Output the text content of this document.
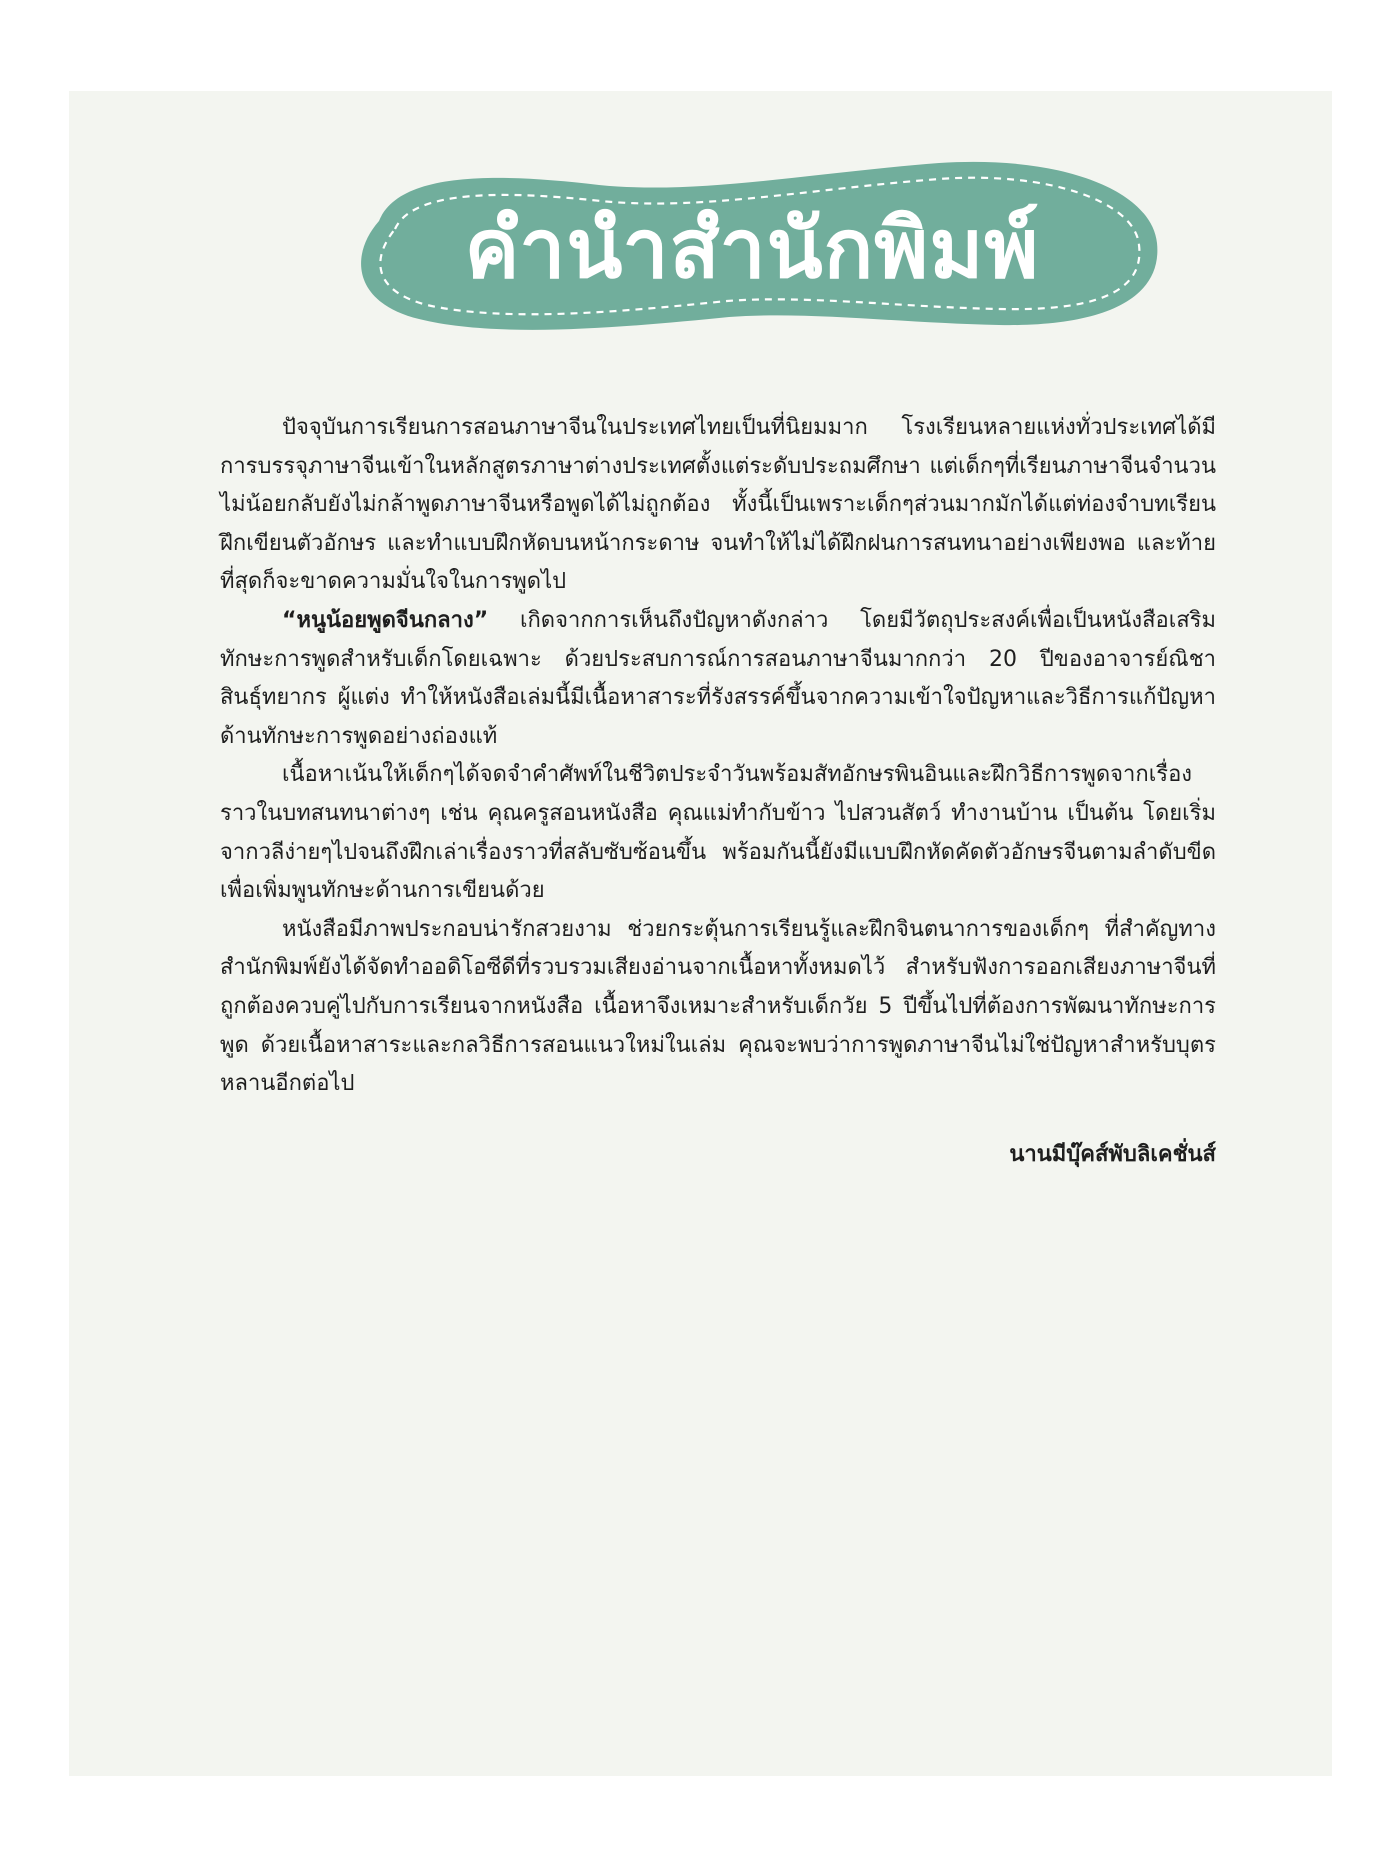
คำนำสำนักพิมพ์

ปัจจุบันการเรียนการสอนภาษาจีนในประเทศไทยเป็นที่นิยมมาก โรงเรียนหลายแห่งทั่วประเทศได้มีการบรรจุภาษาจีนเข้าในหลักสูตรภาษาต่างประเทศตั้งแต่ระดับประถมศึกษา แต่เด็กๆที่เรียนภาษาจีนจำนวนไม่น้อยกลับยังไม่กล้าพูดภาษาจีนหรือพูดได้ไม่ถูกต้อง ทั้งนี้เป็นเพราะเด็กๆส่วนมากมักได้แต่ท่องจำบทเรียน ฝึกเขียนตัวอักษร และทำแบบฝึกหัดบนหน้ากระดาษ จนทำให้ไม่ได้ฝึกฝนการสนทนาอย่างเพียงพอ และท้ายที่สุดก็จะขาดความมั่นใจในการพูดไป

“หนูน้อยพูดจีนกลาง” เกิดจากการเห็นถึงปัญหาดังกล่าว โดยมีวัตถุประสงค์เพื่อเป็นหนังสือเสริมทักษะการพูดสำหรับเด็กโดยเฉพาะ ด้วยประสบการณ์การสอนภาษาจีนมากกว่า 20 ปีของอาจารย์ณิชา สินธุ์ทยากร ผู้แต่ง ทำให้หนังสือเล่มนี้มีเนื้อหาสาระที่รังสรรค์ขึ้นจากความเข้าใจปัญหาและวิธีการแก้ปัญหาด้านทักษะการพูดอย่างถ่องแท้

เนื้อหาเน้นให้เด็กๆได้จดจำคำศัพท์ในชีวิตประจำวันพร้อมสัทอักษรพินอินและฝึกวิธีการพูดจากเรื่องราวในบทสนทนาต่างๆ เช่น คุณครูสอนหนังสือ คุณแม่ทำกับข้าว ไปสวนสัตว์ ทำงานบ้าน เป็นต้น โดยเริ่มจากวลีง่ายๆไปจนถึงฝึกเล่าเรื่องราวที่สลับซับซ้อนขึ้น พร้อมกันนี้ยังมีแบบฝึกหัดคัดตัวอักษรจีนตามลำดับขีด เพื่อเพิ่มพูนทักษะด้านการเขียนด้วย

หนังสือมีภาพประกอบน่ารักสวยงาม ช่วยกระตุ้นการเรียนรู้และฝึกจินตนาการของเด็กๆ ที่สำคัญทางสำนักพิมพ์ยังได้จัดทำออดิโอซีดีที่รวบรวมเสียงอ่านจากเนื้อหาทั้งหมดไว้ สำหรับฟังการออกเสียงภาษาจีนที่ถูกต้องควบคู่ไปกับการเรียนจากหนังสือ เนื้อหาจึงเหมาะสำหรับเด็กวัย 5 ปีขึ้นไปที่ต้องการพัฒนาทักษะการพูด ด้วยเนื้อหาสาระและกลวิธีการสอนแนวใหม่ในเล่ม คุณจะพบว่าการพูดภาษาจีนไม่ใช่ปัญหาสำหรับบุตรหลานอีกต่อไป

นานมีบุ๊คส์พับลิเคชั่นส์
